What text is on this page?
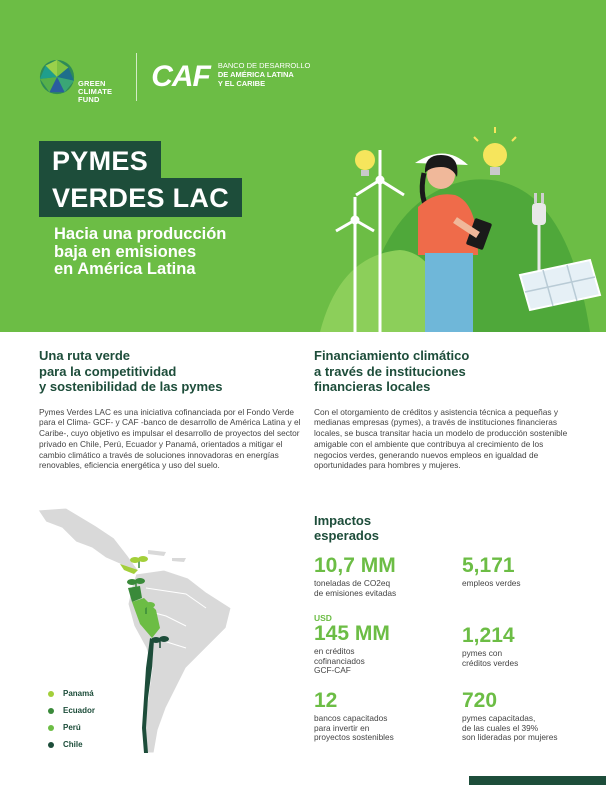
GREEN
CLIMATE
FUND
CAF BANCO DE DESARROLLO
DE AMÉRICA LATINA
Y EL CARIBE
PYMES
VERDES LAC
Hacia una producción
baja en emisiones
en América Latina
Una ruta verde
para la competitividad
y sostenibilidad de las pymes

Pymes Verdes LAC es una iniciativa cofinanciada por el Fondo Verde para el Clima- GCF- y CAF -banco de desarrollo de América Latina y el Caribe-, cuyo objetivo es impulsar el desarrollo de proyectos del sector privado en Chile, Perú, Ecuador y Panamá, orientados a mitigar el cambio climático a través de soluciones innovadoras en energías renovables, eficiencia energética y uso del suelo.

Financiamiento climático
a través de instituciones
financieras locales

Con el otorgamiento de créditos y asistencia técnica a pequeñas y medianas empresas (pymes), a través de instituciones financieras locales, se busca transitar hacia un modelo de producción sostenible amigable con el ambiente que contribuya al crecimiento de los negocios verdes, generando nuevos empleos en igualdad de oportunidades para hombres y mujeres.

Panamá
Ecuador
Perú
Chile
Impactos
esperados
10,7 MM
toneladas de CO2eq
de emisiones evitadas
5,171
empleos verdes
USD
145 MM
en créditos
cofinanciados
GCF-CAF
1,214
pymes con
créditos verdes
12
bancos capacitados
para invertir en
proyectos sostenibles
720
pymes capacitadas,
de las cuales el 39%
son lideradas por mujeres
